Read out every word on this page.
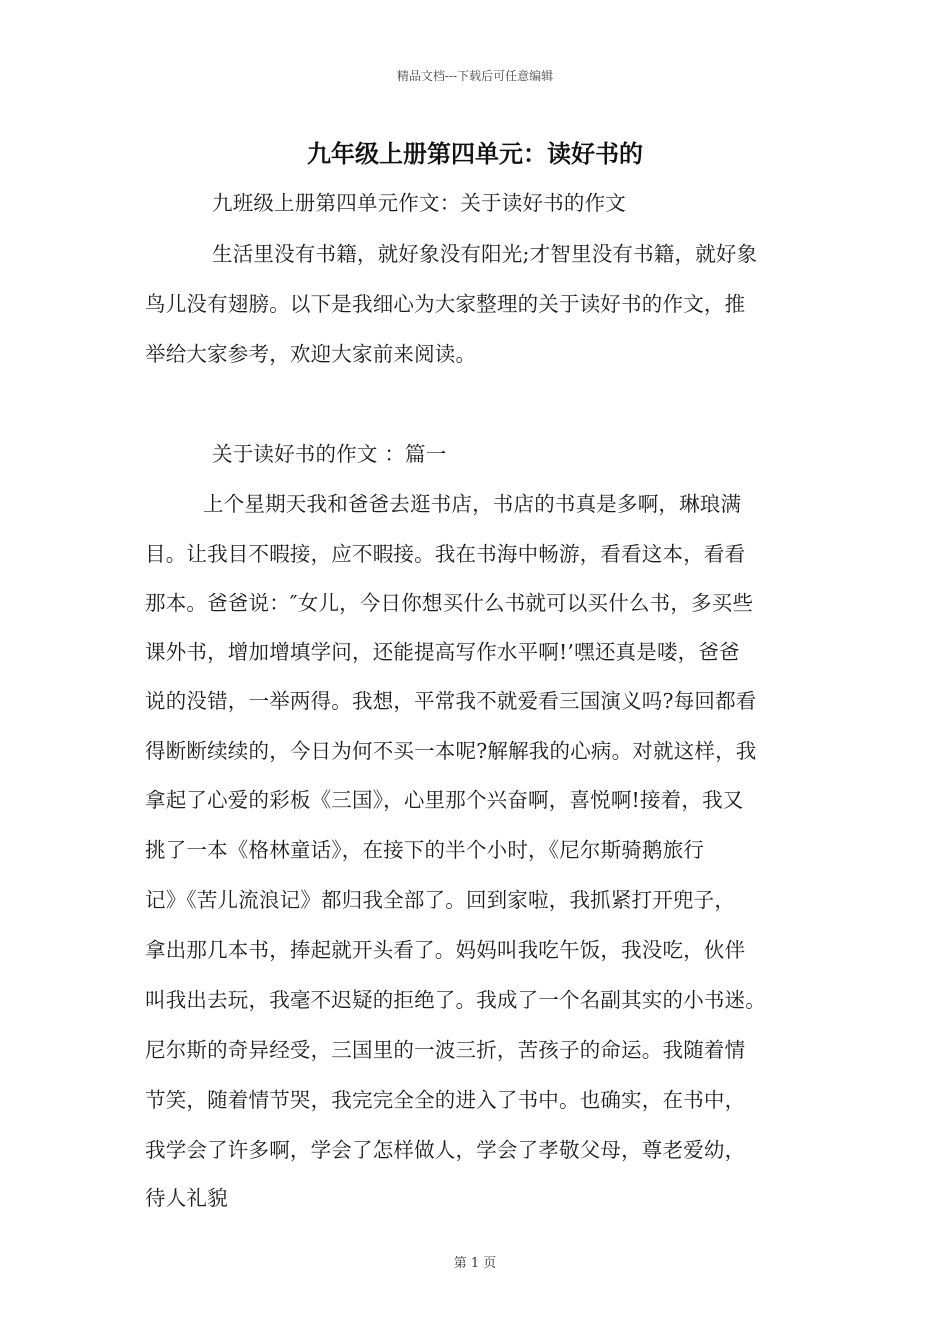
精品文档---下载后可任意编辑
九年级上册第四单元：读好书的
九班级上册第四单元作文：关于读好书的作文
生活里没有书籍，就好象没有阳光;才智里没有书籍，就好象
鸟儿没有翅膀。以下是我细心为大家整理的关于读好书的作文，推
举给大家参考，欢迎大家前来阅读。
关于读好书的作文 ：篇一
上个星期天我和爸爸去逛书店，书店的书真是多啊，琳琅满
目。让我目不暇接，应不暇接。我在书海中畅游，看看这本，看看
那本。爸爸说：″女儿，今日你想买什么书就可以买什么书，多买些
课外书，增加增填学问，还能提高写作水平啊!’嘿还真是喽，爸爸
说的没错，一举两得。我想，平常我不就爱看三国演义吗?每回都看
得断断续续的，今日为何不买一本呢?解解我的心病。对就这样，我
拿起了心爱的彩板《三国》，心里那个兴奋啊，喜悦啊!接着，我又
挑了一本《格林童话》，在接下的半个小时，《尼尔斯骑鹅旅行
记》《苦儿流浪记》都归我全部了。回到家啦，我抓紧打开兜子，
拿出那几本书，捧起就开头看了。妈妈叫我吃午饭，我没吃，伙伴
叫我出去玩，我毫不迟疑的拒绝了。我成了一个名副其实的小书迷。
尼尔斯的奇异经受，三国里的一波三折，苦孩子的命运。我随着情
节笑，随着情节哭，我完完全全的进入了书中。也确实，在书中，
我学会了许多啊，学会了怎样做人，学会了孝敬父母，尊老爱幼，
待人礼貌
第 1 页
